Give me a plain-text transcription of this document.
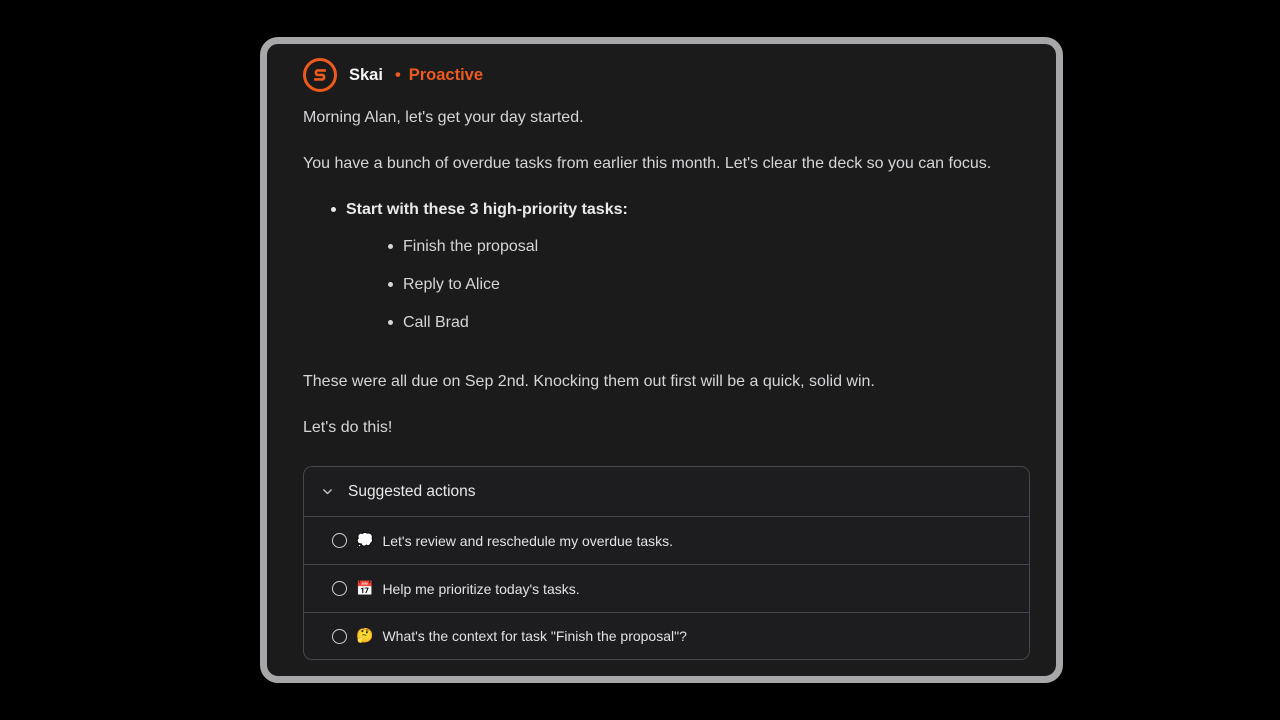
Skai • Proactive

Morning Alan, let's get your day started.

You have a bunch of overdue tasks from earlier this month. Let's clear the deck so you can focus.

Start with these 3 high-priority tasks:
Finish the proposal
Reply to Alice
Call Brad

These were all due on Sep 2nd. Knocking them out first will be a quick, solid win.

Let's do this!

Suggested actions
💭 Let's review and reschedule my overdue tasks.
📅 Help me prioritize today's tasks.
🤔 What's the context for task "Finish the proposal"?
